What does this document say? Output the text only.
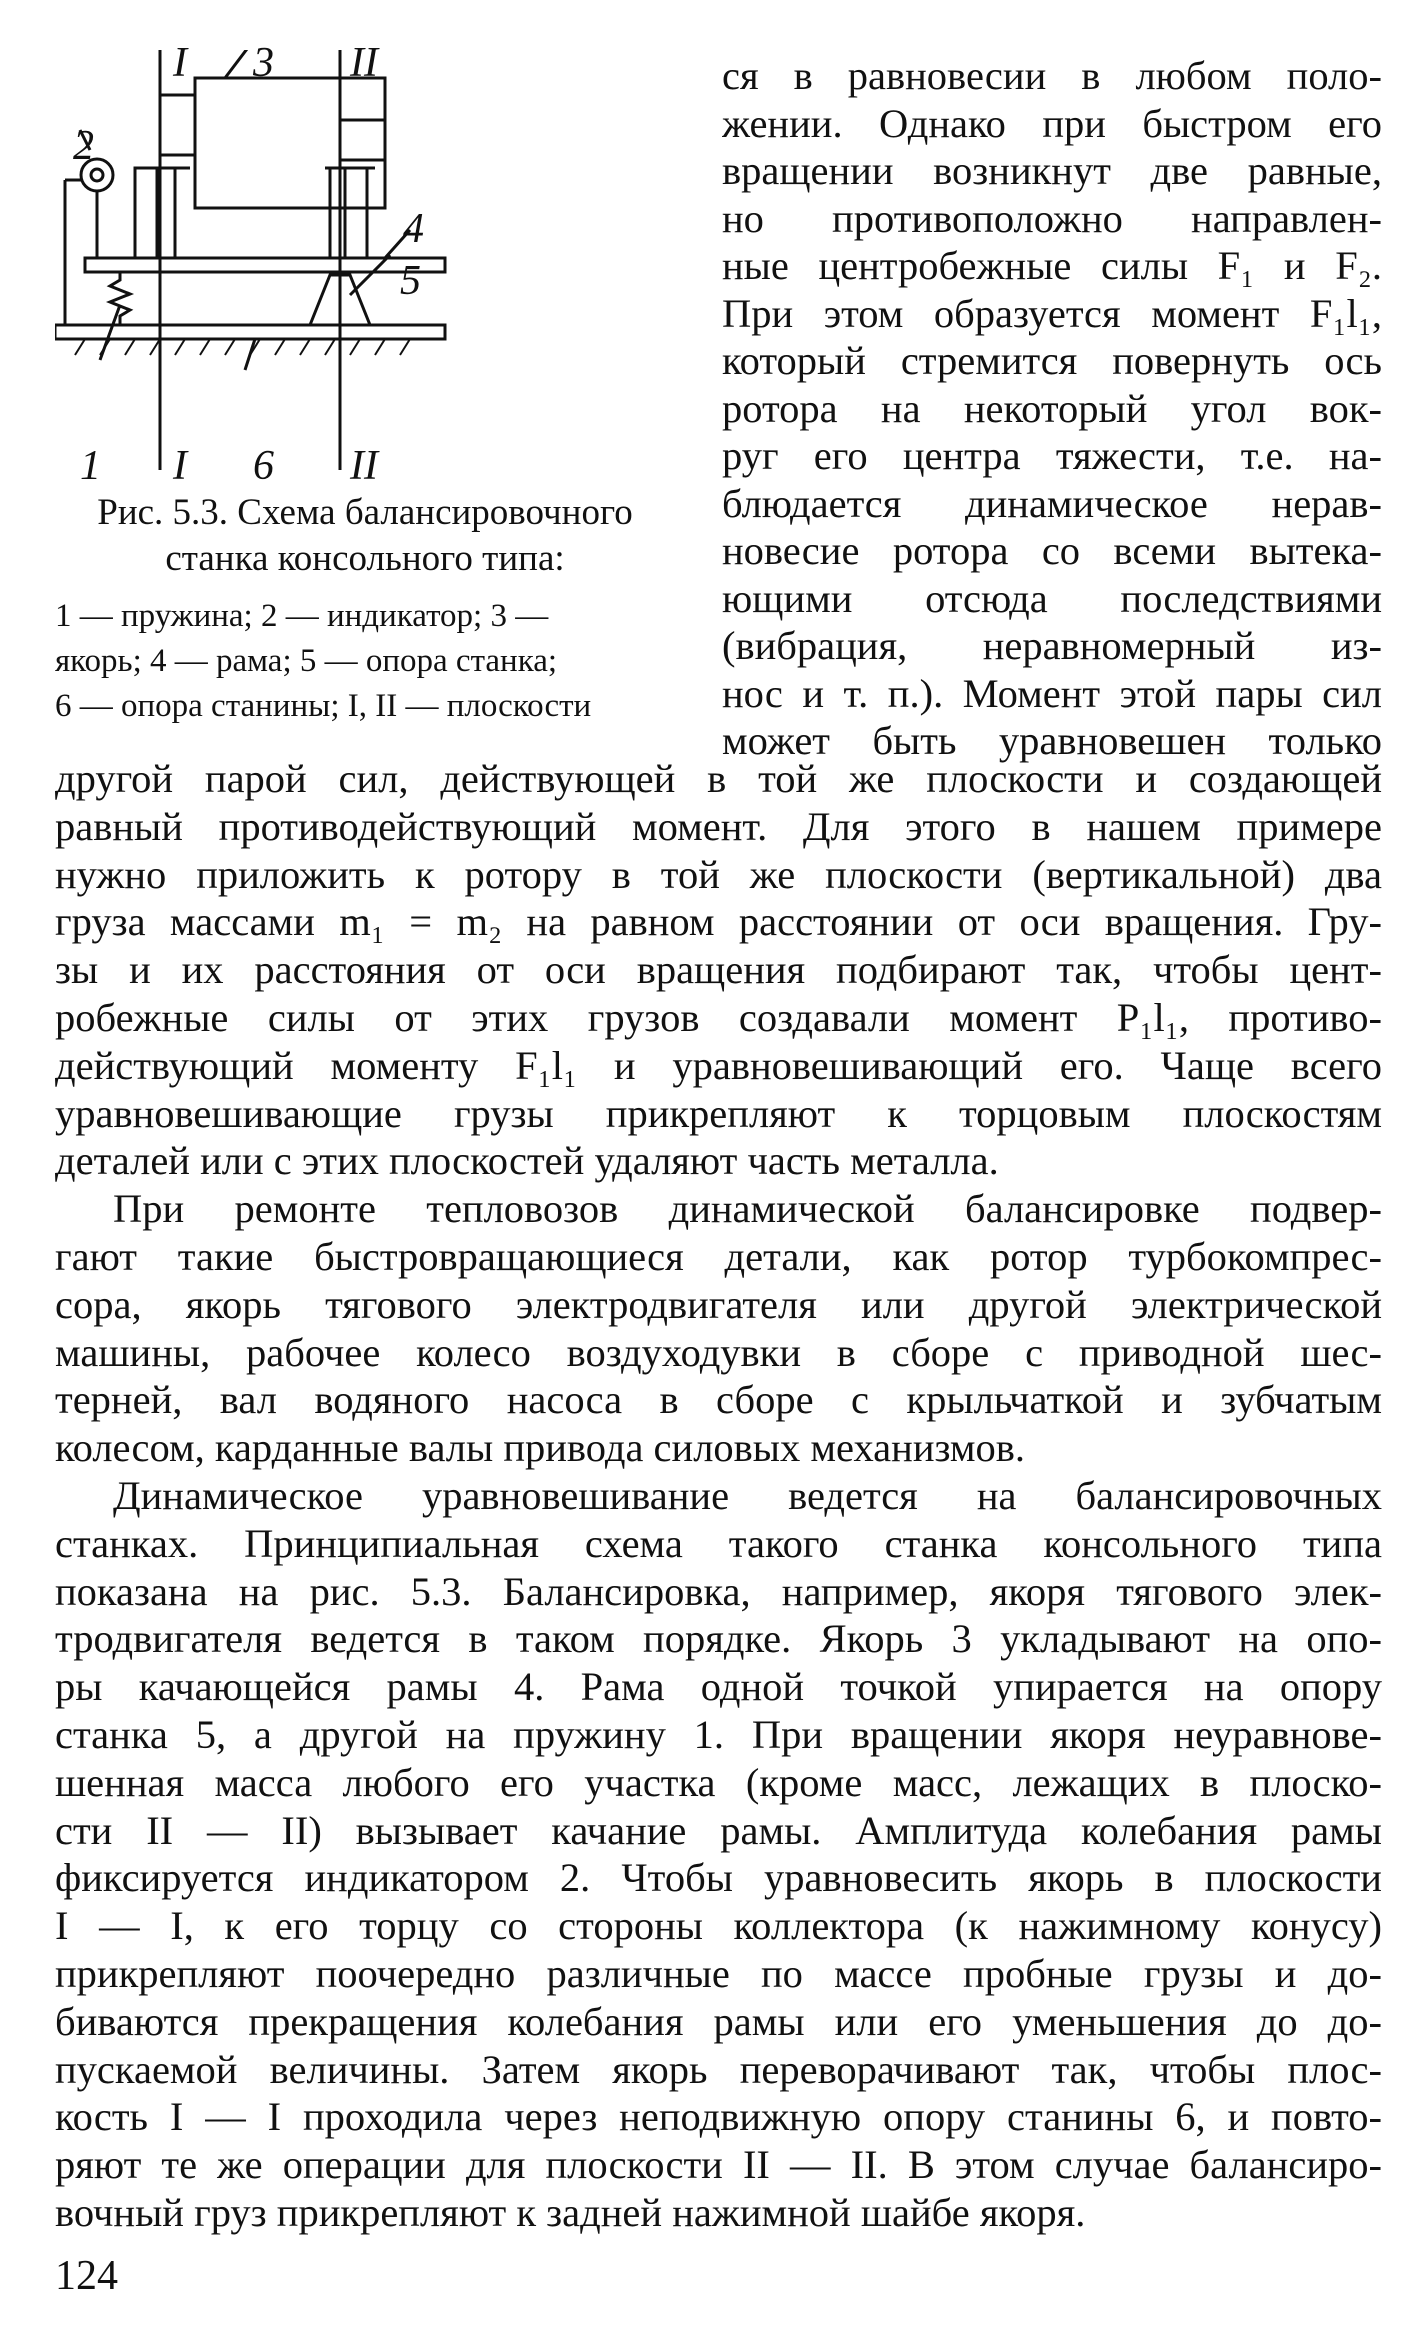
I 3 II
2
4
5
1 I 6 II
Рис. 5.3. Схема балансировочного станка консольного типа:
1 — пружина; 2 — индикатор; 3 —
якорь; 4 — рама; 5 — опора станка;
6 — опора станины; I, II — плоскости
ся в равновесии в любом поло-
жении. Однако при быстром его
вращении возникнут две равные,
но противоположно направлен-
ные центробежные силы F₁ и F₂.
При этом образуется момент F₁l₁,
который стремится повернуть ось
ротора на некоторый угол вок-
руг его центра тяжести, т.е. на-
блюдается динамическое нерав-
новесие ротора со всеми вытека-
ющими отсюда последствиями
(вибрация, неравномерный из-
нос и т. п.). Момент этой пары сил
может быть уравновешен только
другой парой сил, действующей в той же плоскости и создающей
равный противодействующий момент. Для этого в нашем примере
нужно приложить к ротору в той же плоскости (вертикальной) два
груза массами m₁ = m₂ на равном расстоянии от оси вращения. Гру-
зы и их расстояния от оси вращения подбирают так, чтобы цент-
робежные силы от этих грузов создавали момент P₁l₁, противо-
действующий моменту F₁l₁ и уравновешивающий его. Чаще всего
уравновешивающие грузы прикрепляют к торцовым плоскостям
деталей или с этих плоскостей удаляют часть металла.
При ремонте тепловозов динамической балансировке подвер-
гают такие быстровращающиеся детали, как ротор турбокомпрес-
сора, якорь тягового электродвигателя или другой электрической
машины, рабочее колесо воздуходувки в сборе с приводной шес-
терней, вал водяного насоса в сборе с крыльчаткой и зубчатым
колесом, карданные валы привода силовых механизмов.
Динамическое уравновешивание ведется на балансировочных
станках. Принципиальная схема такого станка консольного типа
показана на рис. 5.3. Балансировка, например, якоря тягового элек-
тродвигателя ведется в таком порядке. Якорь 3 укладывают на опо-
ры качающейся рамы 4. Рама одной точкой упирается на опору
станка 5, а другой на пружину 1. При вращении якоря неуравнове-
шенная масса любого его участка (кроме масс, лежащих в плоско-
сти II — II) вызывает качание рамы. Амплитуда колебания рамы
фиксируется индикатором 2. Чтобы уравновесить якорь в плоскости
I — I, к его торцу со стороны коллектора (к нажимному конусу)
прикрепляют поочередно различные по массе пробные грузы и до-
биваются прекращения колебания рамы или его уменьшения до до-
пускаемой величины. Затем якорь переворачивают так, чтобы плос-
кость I — I проходила через неподвижную опору станины 6, и повто-
ряют те же операции для плоскости II — II. В этом случае балансиро-
вочный груз прикрепляют к задней нажимной шайбе якоря.
124
